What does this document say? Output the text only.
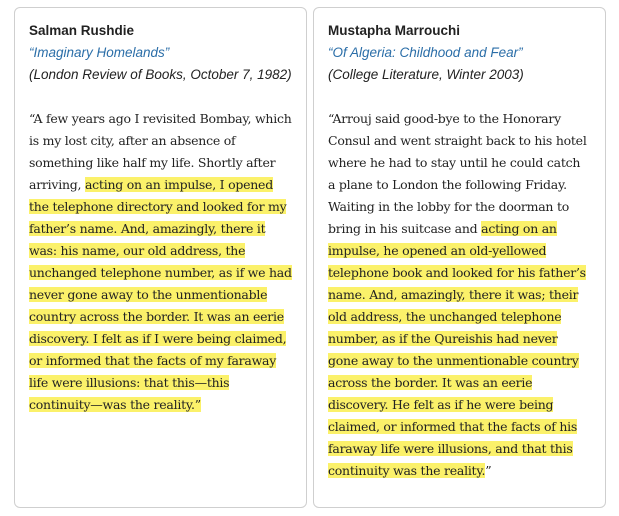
Salman Rushdie

“Imaginary Homelands”

(London Review of Books, October 7, 1982)

“A few years ago I revisited Bombay, which is my lost city, after an absence of something like half my life. Shortly after arriving, acting on an impulse, I opened the telephone directory and looked for my father’s name. And, amazingly, there it was: his name, our old address, the unchanged telephone number, as if we had never gone away to the unmentionable country across the border. It was an eerie discovery. I felt as if I were being claimed, or informed that the facts of my faraway life were illusions: that this—this continuity—was the reality.”

Mustapha Marrouchi

“Of Algeria: Childhood and Fear”

(College Literature, Winter 2003)

“Arrouj said good-bye to the Honorary Consul and went straight back to his hotel where he had to stay until he could catch a plane to London the following Friday. Waiting in the lobby for the doorman to bring in his suitcase and acting on an impulse, he opened an old-yellowed telephone book and looked for his father’s name. And, amazingly, there it was; their old address, the unchanged telephone number, as if the Qureishis had never gone away to the unmentionable country across the border. It was an eerie discovery. He felt as if he were being claimed, or informed that the facts of his faraway life were illusions, and that this continuity was the reality.”
